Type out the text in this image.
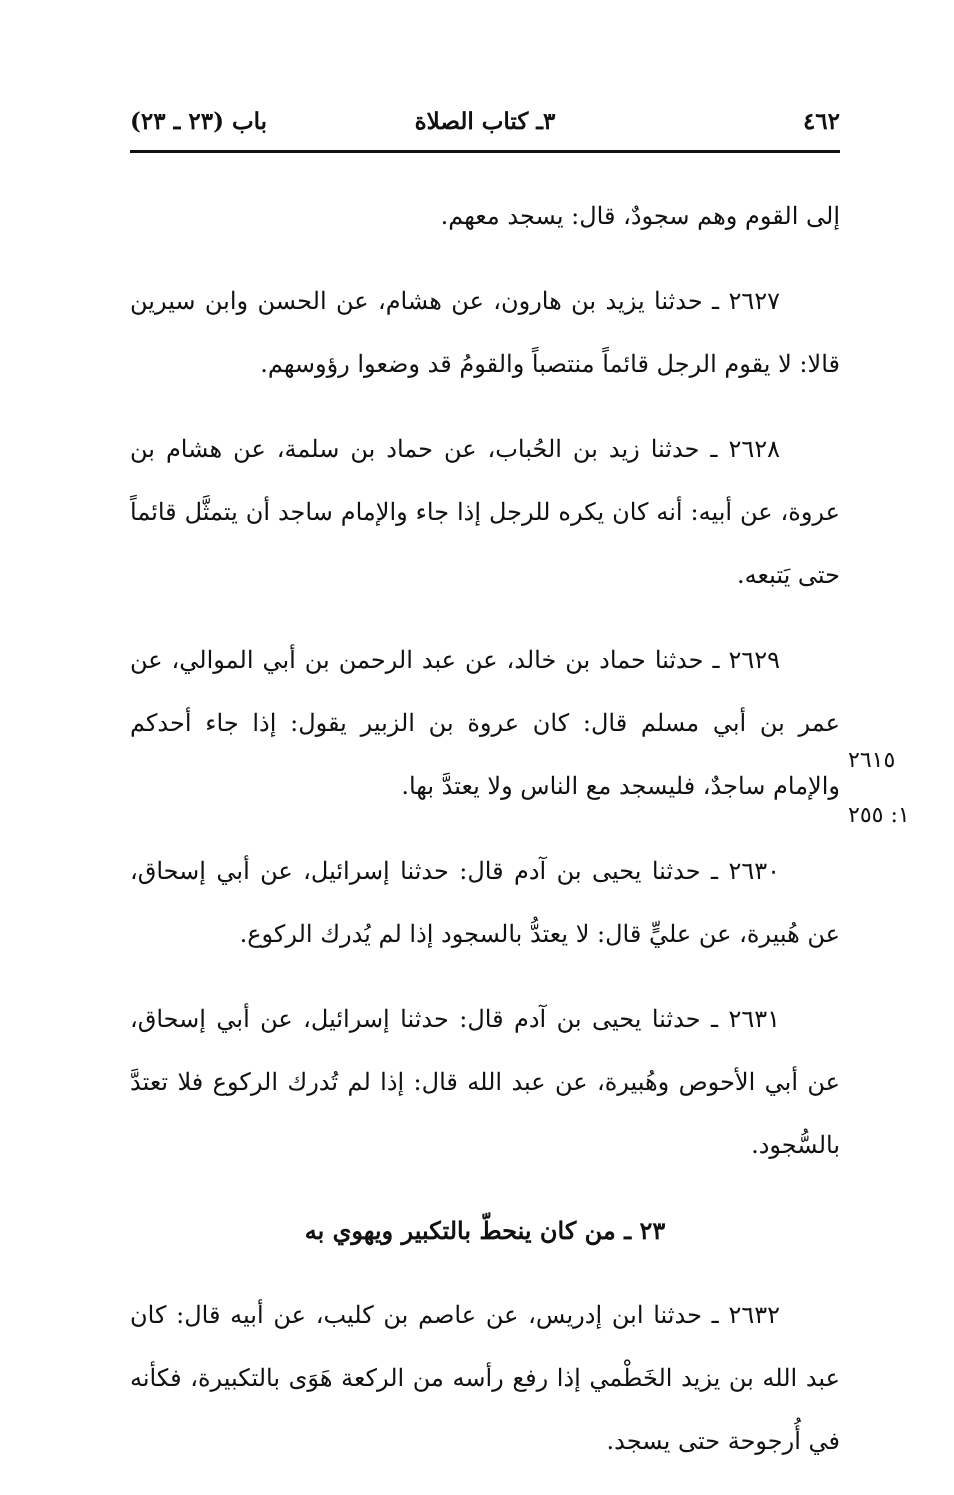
باب (٢٣ ـ ٢٣)	٣ـ كتاب الصلاة	٤٦٢
٢٦١٥
١: ٢٥٥

إلى القوم وهم سجودٌ، قال: يسجد معهم.

٢٦٢٧ ـ حدثنا يزيد بن هارون، عن هشام، عن الحسن وابن سيرين قالا: لا يقوم الرجل قائماً منتصباً والقومُ قد وضعوا رؤوسهم.

٢٦٢٨ ـ حدثنا زيد بن الحُباب، عن حماد بن سلمة، عن هشام بن عروة، عن أبيه: أنه كان يكره للرجل إذا جاء والإمام ساجد أن يتمثَّل قائماً حتى يَتبعه.

٢٦٢٩ ـ حدثنا حماد بن خالد، عن عبد الرحمن بن أبي الموالي، عن عمر بن أبي مسلم قال: كان عروة بن الزبير يقول: إذا جاء أحدكم والإمام ساجدٌ، فليسجد مع الناس ولا يعتدَّ بها.

٢٦٣٠ ـ حدثنا يحيى بن آدم قال: حدثنا إسرائيل، عن أبي إسحاق، عن هُبيرة، عن عليٍّ قال: لا يعتدُّ بالسجود إذا لم يُدرك الركوع.

٢٦٣١ ـ حدثنا يحيى بن آدم قال: حدثنا إسرائيل، عن أبي إسحاق، عن أبي الأحوص وهُبيرة، عن عبد الله قال: إذا لم تُدرك الركوع فلا تعتدَّ بالسُّجود.

٢٣ ـ من كان ينحطّ بالتكبير ويهوي به

٢٦٣٢ ـ حدثنا ابن إدريس، عن عاصم بن كليب، عن أبيه قال: كان عبد الله بن يزيد الخَطْمي إذا رفع رأسه من الركعة هَوَى بالتكبيرة، فكأنه في أُرجوحة حتى يسجد.
